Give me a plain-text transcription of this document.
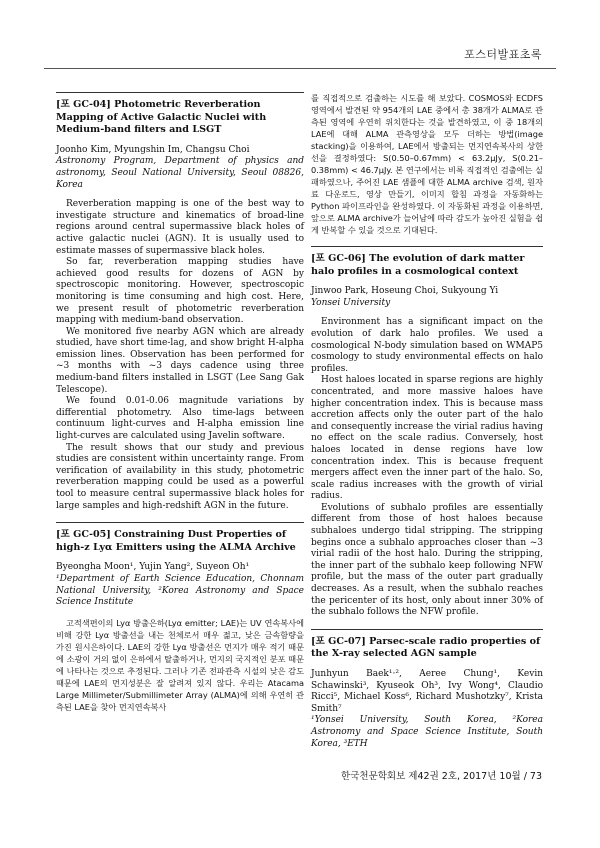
포스터발표초록
[포 GC-04] Photometric Reverberation Mapping of Active Galactic Nuclei with Medium-band filters and LSGT

Joonho Kim, Myungshin Im, Changsu Choi

Astronomy Program, Department of physics and astronomy, Seoul National University, Seoul 08826, Korea

Reverberation mapping is one of the best way to investigate structure and kinematics of broad-line regions around central supermassive black holes of active galactic nuclei (AGN). It is usually used to estimate masses of supermassive black holes.

So far, reverberation mapping studies have achieved good results for dozens of AGN by spectroscopic monitoring. However, spectroscopic monitoring is time consuming and high cost. Here, we present result of photometric reverberation mapping with medium-band observation.

We monitored five nearby AGN which are already studied, have short time-lag, and show bright H-alpha emission lines. Observation has been performed for ~3 months with ~3 days cadence using three medium-band filters installed in LSGT (Lee Sang Gak Telescope).

We found 0.01-0.06 magnitude variations by differential photometry. Also time-lags between continuum light-curves and H-alpha emission line light-curves are calculated using Javelin software.

The result shows that our study and previous studies are consistent within uncertainty range. From verification of availability in this study, photometric reverberation mapping could be used as a powerful tool to measure central supermassive black holes for large samples and high-redshift AGN in the future.

[포 GC-05] Constraining Dust Properties of high-z Lyα Emitters using the ALMA Archive

Byeongha Moon¹, Yujin Yang², Suyeon Oh¹

¹Department of Earth Science Education, Chonnam National University, ²Korea Astronomy and Space Science Institute

고적색편이의 Lyα 방출은하(Lyα emitter; LAE)는 UV 연속복사에 비해 강한 Lyα 방출선을 내는 천체로서 매우 젊고, 낮은 금속함량을 가진 원시은하이다. LAE의 강한 Lyα 방출선은 먼지가 매우 적기 때문에 소광이 거의 없이 은하에서 탈출하거나, 먼지의 국지적인 분포 때문에 나타나는 것으로 추정된다. 그러나 기존 전파관측 시설의 낮은 감도 때문에 LAE의 먼지성분은 잘 알려져 있지 않다. 우리는 Atacama Large Millimeter/Submillimeter Array (ALMA)에 의해 우연히 관측된 LAE을 찾아 먼지연속복사

를 직접적으로 검출하는 시도를 해 보았다. COSMOS와 ECDFS 영역에서 발견된 약 954개의 LAE 중에서 총 38개가 ALMA로 관측된 영역에 우연히 위치한다는 것을 발견하였고, 이 중 18개의 LAE에 대해 ALMA 관측영상을 모두 더하는 방법(image stacking)을 이용하여, LAE에서 방출되는 먼지연속복사의 상한선을 결정하였다: S(0.50–0.67mm) < 63.2μJy, S(0.21–0.38mm) < 46.7μJy. 본 연구에서는 비록 직접적인 검출에는 실패하였으나, 주어진 LAE 샘플에 대한 ALMA archive 검색, 원자료 다운로드, 영상 만들기, 이미지 합침 과정을 자동화하는 Python 파이프라인을 완성하였다. 이 자동화된 과정을 이용하면, 앞으로 ALMA archive가 늘어남에 따라 감도가 높아진 실험을 쉽게 반복할 수 있을 것으로 기대된다.

[포 GC-06] The evolution of dark matter halo profiles in a cosmological context

Jinwoo Park, Hoseung Choi, Sukyoung Yi

Yonsei University

Environment has a significant impact on the evolution of dark halo profiles. We used a cosmological N-body simulation based on WMAP5 cosmology to study environmental effects on halo profiles.

Host haloes located in sparse regions are highly concentrated, and more massive haloes have higher concentration index. This is because mass accretion affects only the outer part of the halo and consequently increase the virial radius having no effect on the scale radius. Conversely, host haloes located in dense regions have low concentration index. This is because frequent mergers affect even the inner part of the halo. So, scale radius increases with the growth of virial radius.

Evolutions of subhalo profiles are essentially different from those of host haloes because subhaloes undergo tidal stripping. The stripping begins once a subhalo approaches closer than ~3 virial radii of the host halo. During the stripping, the inner part of the subhalo keep following NFW profile, but the mass of the outer part gradually decreases. As a result, when the subhalo reaches the pericenter of its host, only about inner 30% of the subhalo follows the NFW profile.

[포 GC-07] Parsec-scale radio properties of the X-ray selected AGN sample

Junhyun Baek¹·², Aeree Chung¹, Kevin Schawinski³, Kyuseok Oh³, Ivy Wong⁴, Claudio Ricci⁵, Michael Koss⁶, Richard Mushotzky⁷, Krista Smith⁷

¹Yonsei University, South Korea, ²Korea Astronomy and Space Science Institute, South Korea, ³ETH

한국천문학회보 제42권 2호, 2017년 10월 / 73
